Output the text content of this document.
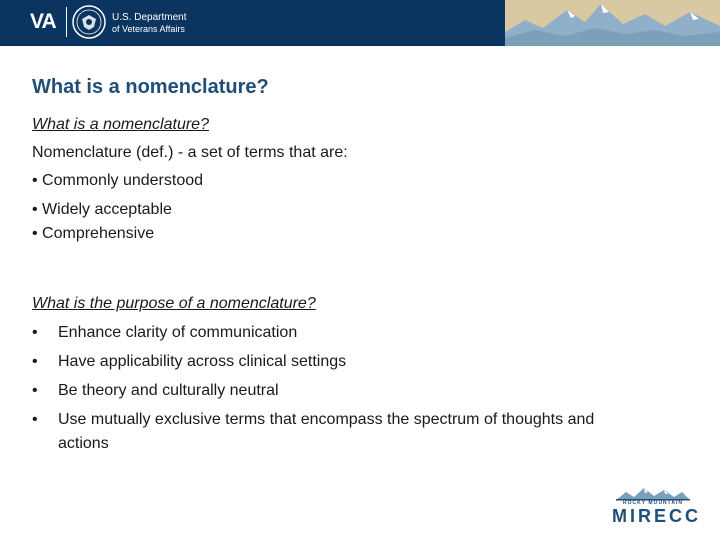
VA	U.S. Department
of Veterans Affairs
What is a nomenclature?
What is a nomenclature?
Nomenclature (def.) - a set of terms that are:
• Commonly understood
• Widely acceptable
• Comprehensive
What is the purpose of a nomenclature?
• Enhance clarity of communication
• Have applicability across clinical settings
• Be theory and culturally neutral
• Use mutually exclusive terms that encompass the spectrum of thoughts and
actions
ROCKY MOUNTAIN
MIRECC
